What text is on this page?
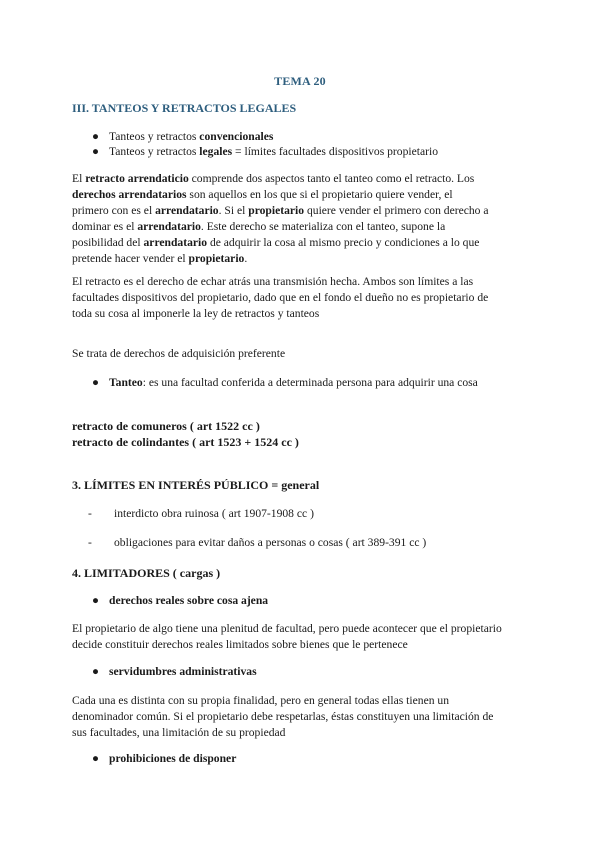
TEMA 20
III. TANTEOS Y RETRACTOS LEGALES
● Tanteos y retractos convencionales
● Tanteos y retractos legales = límites facultades dispositivos propietario
El retracto arrendaticio comprende dos aspectos tanto el tanteo como el retracto. Los
derechos arrendatarios son aquellos en los que si el propietario quiere vender, el
primero con es el arrendatario. Si el propietario quiere vender el primero con derecho a
dominar es el arrendatario. Este derecho se materializa con el tanteo, supone la
posibilidad del arrendatario de adquirir la cosa al mismo precio y condiciones a lo que
pretende hacer vender el propietario.
El retracto es el derecho de echar atrás una transmisión hecha. Ambos son límites a las
facultades dispositivos del propietario, dado que en el fondo el dueño no es propietario de
toda su cosa al imponerle la ley de retractos y tanteos
Se trata de derechos de adquisición preferente
● Tanteo: es una facultad conferida a determinada persona para adquirir una cosa
retracto de comuneros ( art 1522 cc )
retracto de colindantes ( art 1523 + 1524 cc )
3. LÍMITES EN INTERÉS PÚBLICO = general
- interdicto obra ruinosa ( art 1907-1908 cc )
- obligaciones para evitar daños a personas o cosas ( art 389-391 cc )
4. LIMITADORES ( cargas )
● derechos reales sobre cosa ajena
El propietario de algo tiene una plenitud de facultad, pero puede acontecer que el propietario
decide constituir derechos reales limitados sobre bienes que le pertenece
● servidumbres administrativas
Cada una es distinta con su propia finalidad, pero en general todas ellas tienen un
denominador común. Si el propietario debe respetarlas, éstas constituyen una limitación de
sus facultades, una limitación de su propiedad
● prohibiciones de disponer
